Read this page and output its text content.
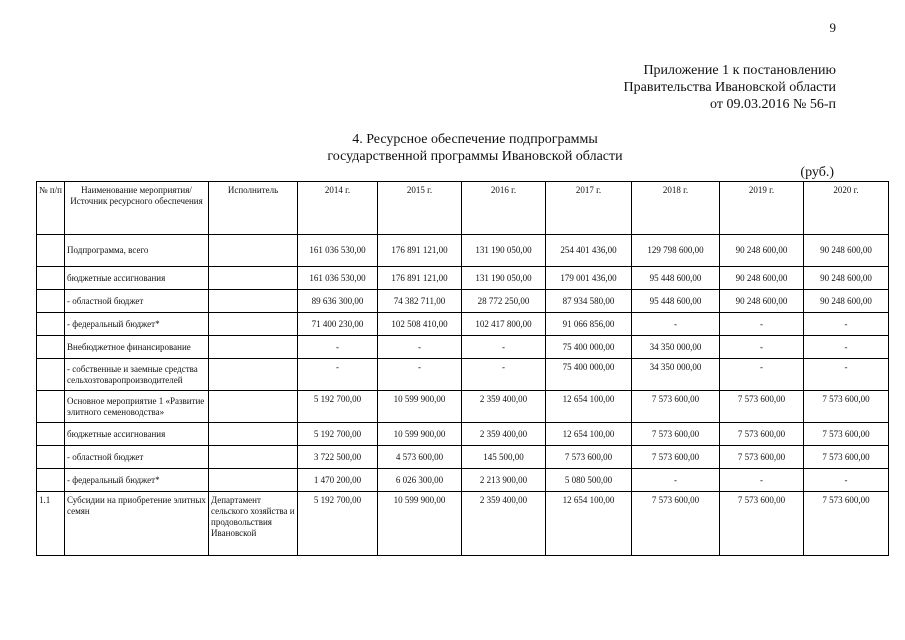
9
Приложение 1 к постановлению
Правительства Ивановской области
от 09.03.2016 № 56-п
4. Ресурсное обеспечение подпрограммы
государственной программы Ивановской области
(руб.)
№ п/п	Наименование мероприятия/Источник ресурсного обеспечения	Исполнитель	2014 г.	2015 г.	2016 г.	2017 г.	2018 г.	2019 г.	2020 г.
	Подпрограмма, всего		161 036 530,00	176 891 121,00	131 190 050,00	254 401 436,00	129 798 600,00	90 248 600,00	90 248 600,00
	бюджетные ассигнования		161 036 530,00	176 891 121,00	131 190 050,00	179 001 436,00	95 448 600,00	90 248 600,00	90 248 600,00
	- областной бюджет		89 636 300,00	74 382 711,00	28 772 250,00	87 934 580,00	95 448 600,00	90 248 600,00	90 248 600,00
	- федеральный бюджет*		71 400 230,00	102 508 410,00	102 417 800,00	91 066 856,00	-	-	-
	Внебюджетное финансирование		-	-	-	75 400 000,00	34 350 000,00	-	-
	- собственные и заемные средства сельхозтоваропроизводителей		-	-	-	75 400 000,00	34 350 000,00	-	-
	Основное мероприятие 1 «Развитие элитного семеноводства»		5 192 700,00	10 599 900,00	2 359 400,00	12 654 100,00	7 573 600,00	7 573 600,00	7 573 600,00
	бюджетные ассигнования		5 192 700,00	10 599 900,00	2 359 400,00	12 654 100,00	7 573 600,00	7 573 600,00	7 573 600,00
	- областной бюджет		3 722 500,00	4 573 600,00	145 500,00	7 573 600,00	7 573 600,00	7 573 600,00	7 573 600,00
	- федеральный бюджет*		1 470 200,00	6 026 300,00	2 213 900,00	5 080 500,00	-	-	-
1.1	Субсидии на приобретение элитных семян	Департамент сельского хозяйства и продовольствия Ивановской	5 192 700,00	10 599 900,00	2 359 400,00	12 654 100,00	7 573 600,00	7 573 600,00	7 573 600,00
